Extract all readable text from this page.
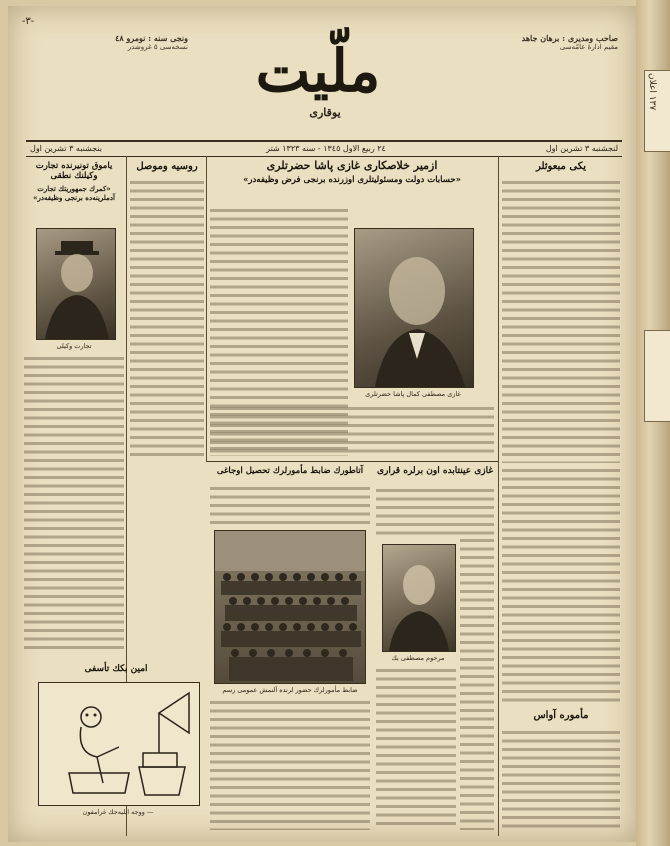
-٣-
ونجى سنه : نومرو ٤٨
نسخه‌سى ٥ غروشدر
صاحب ومديرى : برهان جاهد
مقيم ادارهٔ عامّه‌سى
ملّيت
يوقارى
لنجشنبه ٣ تشرین اول
٢٤ ربيع الاول ١٣٤٥ - سنه ١٣٢٣ شتر
بنجشنبه ٣ تشرین اول
ازمير خلاصكارى غازى پاشا حضرتلرى
«حسابات دولت ومسئولیتلرى اوزرنده برنجى فرض وظیفه‌در»
غازى مصطفى كمال پاشا حضرتلرى
روسيه وموصل
ياموق تونيرنده تجارت وكيلنك نطقى
«كمرك جمهوريتك تجارت آدملرینه‌ده برنجى وظیفه‌در»
تجارت وكيلى
يكى مبعوثلر
آتاطورك ضابط مأمورلرك تحصيل اوجاغى
ضابط مأمورلرك حضور لرنده آلنمش عمومی رسم
غازى عينتابده اون برلره قرارى
مرحوم مصطفى بك
مأموره آواس
امين بكك تأسفى
— ووجه ايليه‌جك غرامفون
١٣٧ اعلان
